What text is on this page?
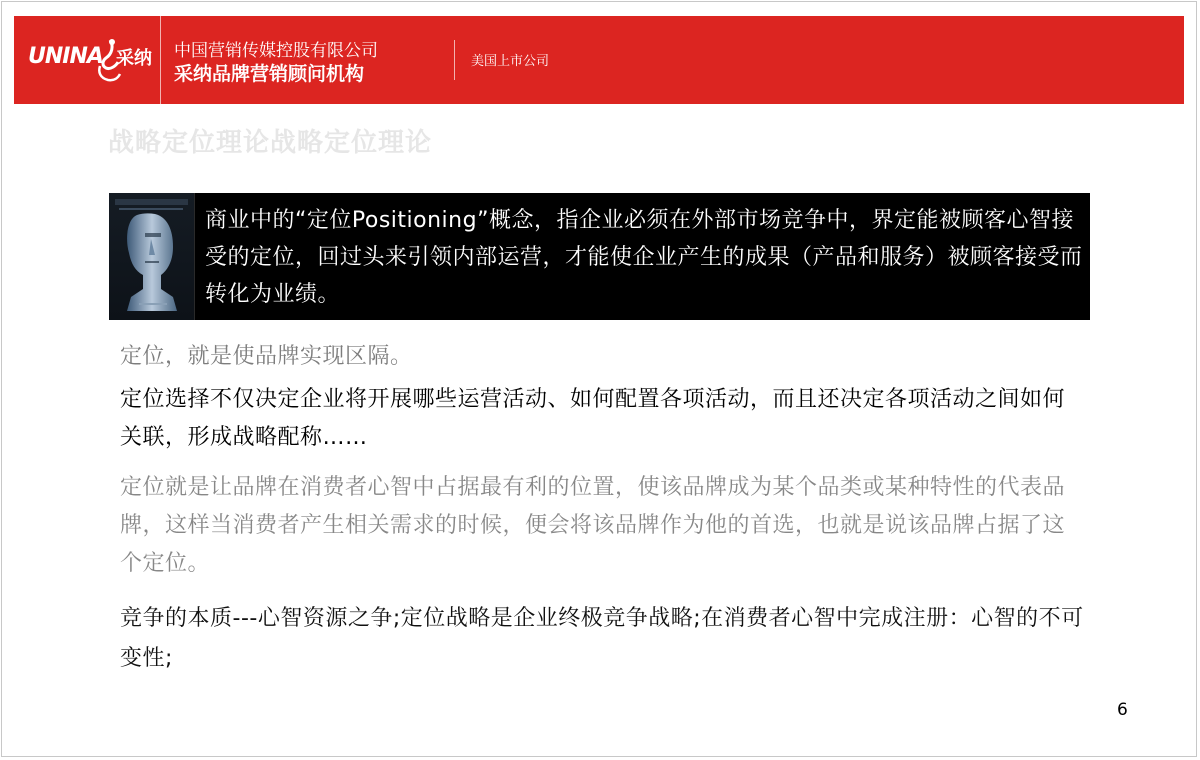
UNINA 采纳 中国营销传媒控股有限公司
采纳品牌营销顾问机构
美国上市公司
战略定位理论战略定位理论
商业中的“定位Positioning”概念，指企业必须在外部市场竞争中，界定能被顾客心智接受的定位，回过头来引领内部运营，才能使企业产生的成果（产品和服务）被顾客接受而转化为业绩。
定位，就是使品牌实现区隔。
定位选择不仅决定企业将开展哪些运营活动、如何配置各项活动，而且还决定各项活动之间如何关联，形成战略配称……
定位就是让品牌在消费者心智中占据最有利的位置，使该品牌成为某个品类或某种特性的代表品牌，这样当消费者产生相关需求的时候，便会将该品牌作为他的首选，也就是说该品牌占据了这个定位。
竞争的本质---心智资源之争;定位战略是企业终极竞争战略;在消费者心智中完成注册：心智的不可变性;
6
